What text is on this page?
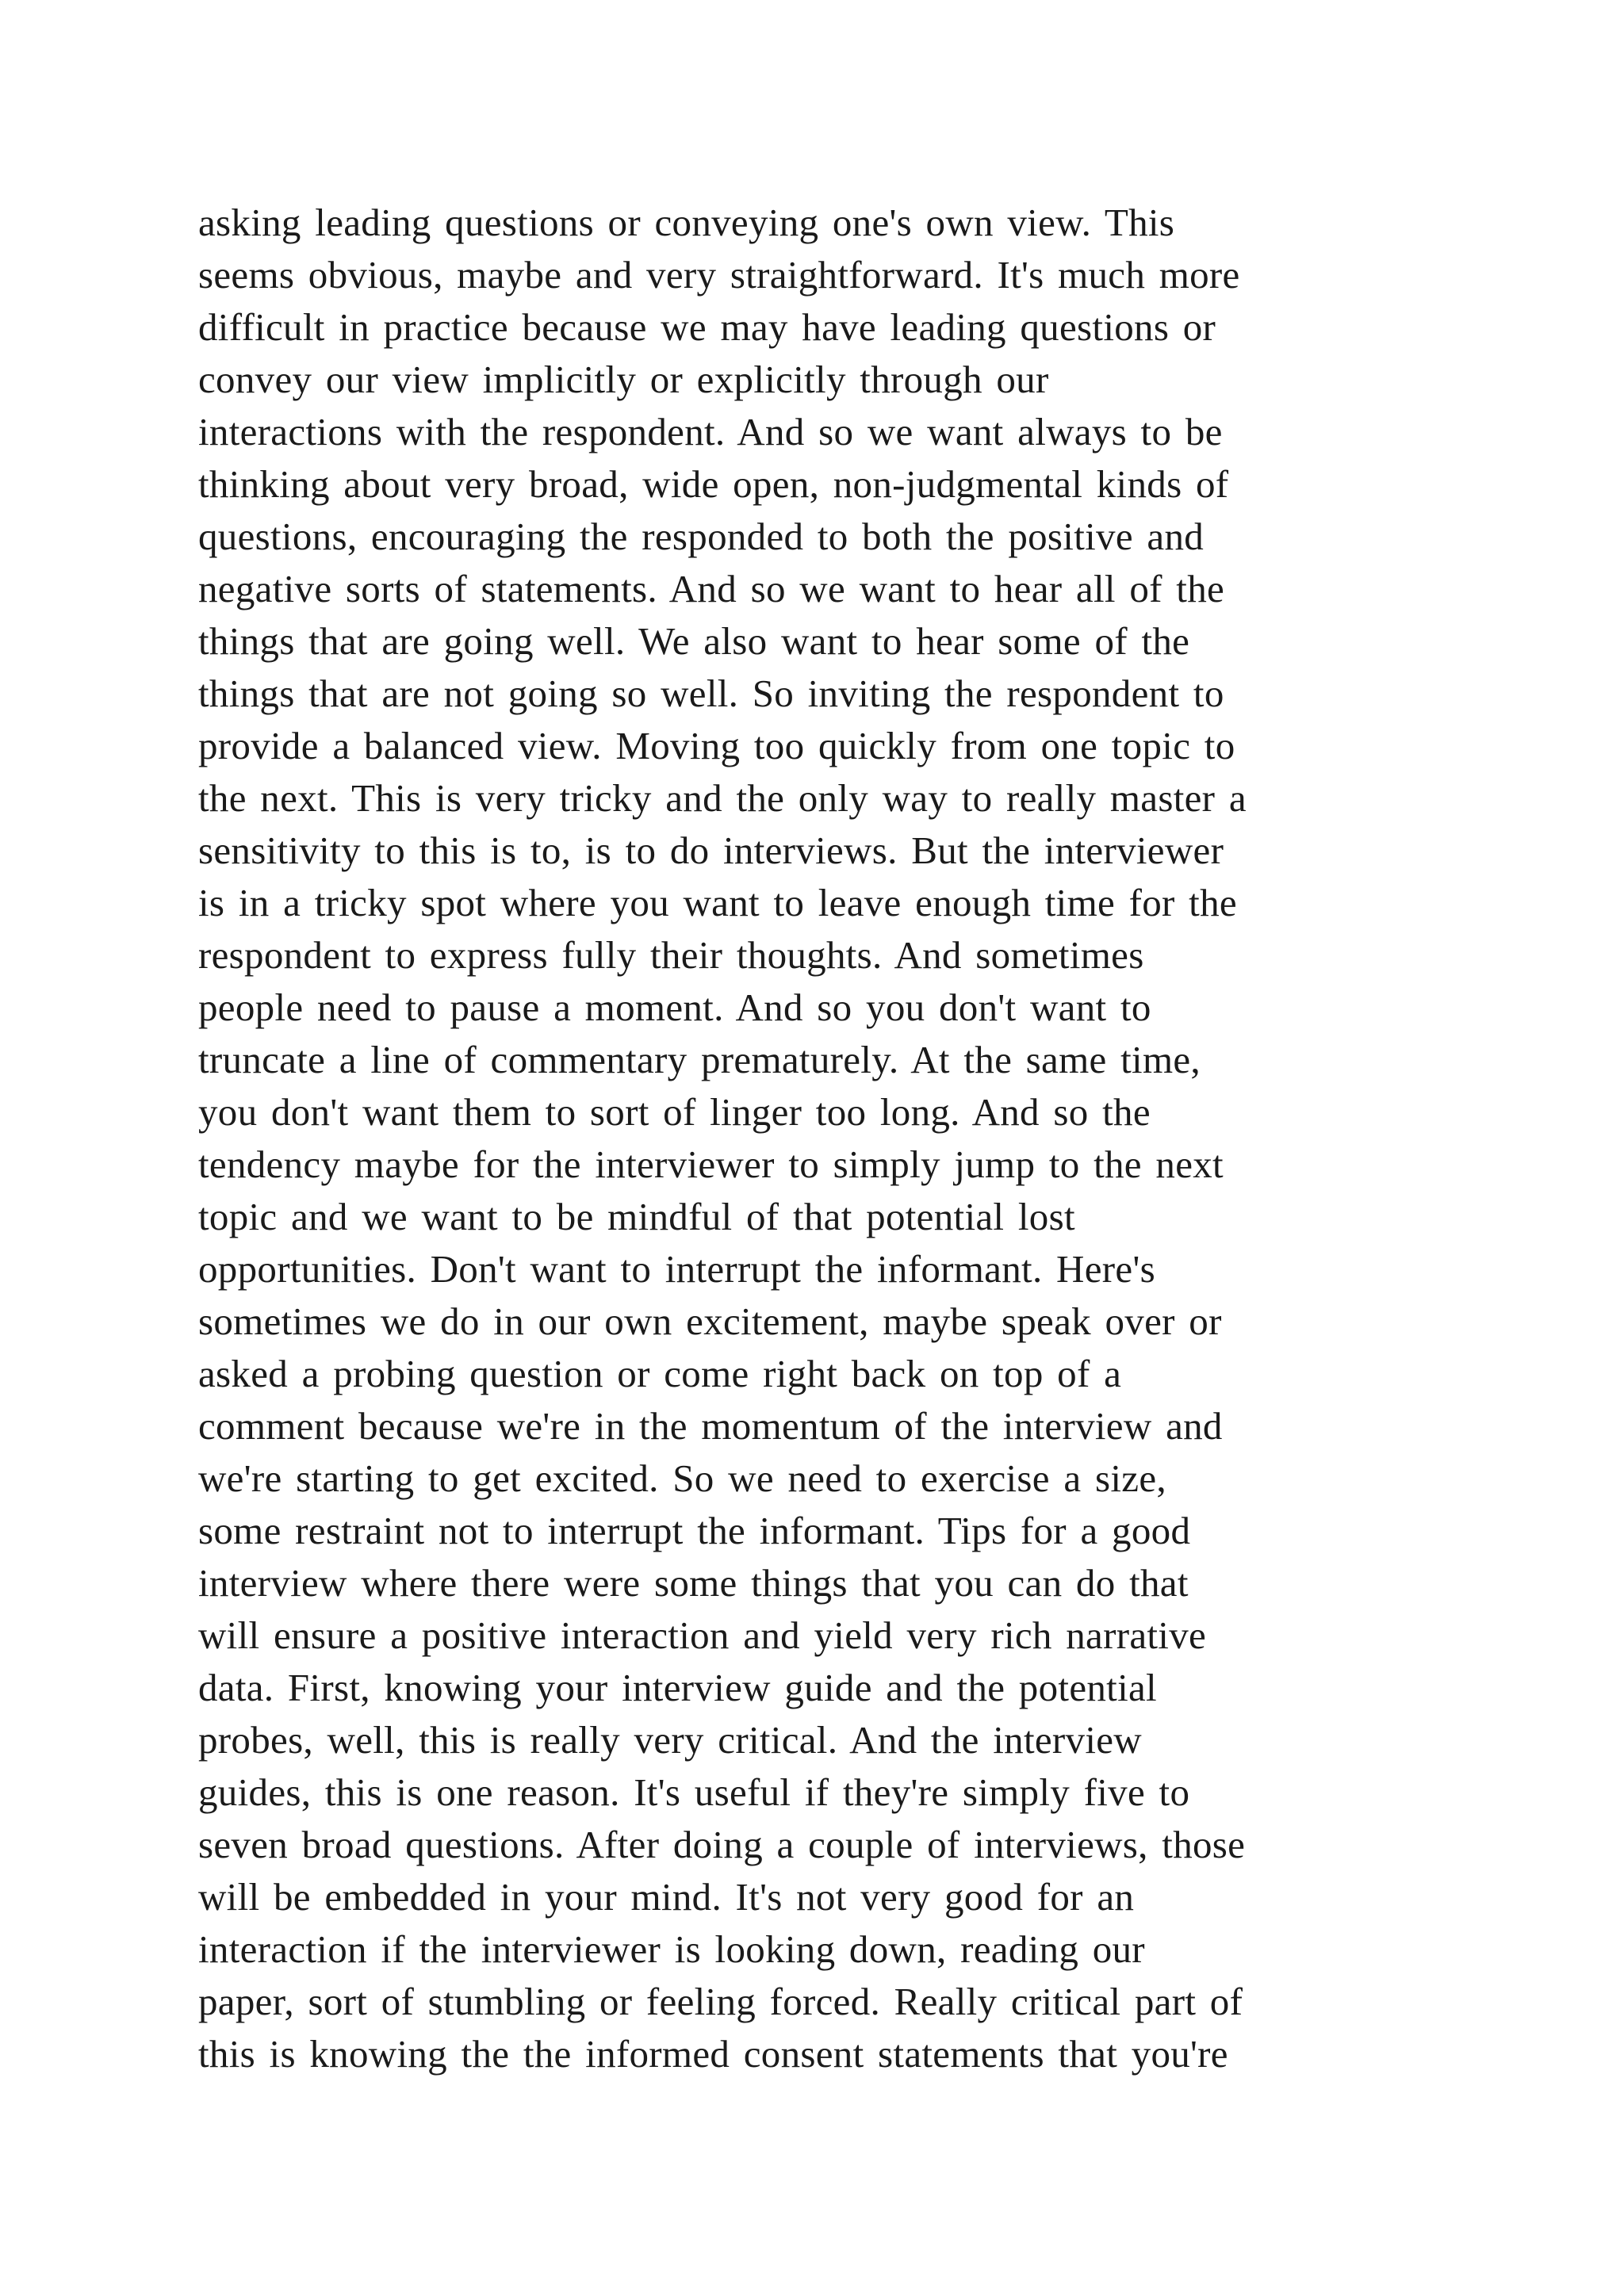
asking leading questions or conveying one's own view. This
seems obvious, maybe and very straightforward. It's much more
difficult in practice because we may have leading questions or
convey our view implicitly or explicitly through our
interactions with the respondent. And so we want always to be
thinking about very broad, wide open, non-judgmental kinds of
questions, encouraging the responded to both the positive and
negative sorts of statements. And so we want to hear all of the
things that are going well. We also want to hear some of the
things that are not going so well. So inviting the respondent to
provide a balanced view. Moving too quickly from one topic to
the next. This is very tricky and the only way to really master a
sensitivity to this is to, is to do interviews. But the interviewer
is in a tricky spot where you want to leave enough time for the
respondent to express fully their thoughts. And sometimes
people need to pause a moment. And so you don't want to
truncate a line of commentary prematurely. At the same time,
you don't want them to sort of linger too long. And so the
tendency maybe for the interviewer to simply jump to the next
topic and we want to be mindful of that potential lost
opportunities. Don't want to interrupt the informant. Here's
sometimes we do in our own excitement, maybe speak over or
asked a probing question or come right back on top of a
comment because we're in the momentum of the interview and
we're starting to get excited. So we need to exercise a size,
some restraint not to interrupt the informant. Tips for a good
interview where there were some things that you can do that
will ensure a positive interaction and yield very rich narrative
data. First, knowing your interview guide and the potential
probes, well, this is really very critical. And the interview
guides, this is one reason. It's useful if they're simply five to
seven broad questions. After doing a couple of interviews, those
will be embedded in your mind. It's not very good for an
interaction if the interviewer is looking down, reading our
paper, sort of stumbling or feeling forced. Really critical part of
this is knowing the the informed consent statements that you're
